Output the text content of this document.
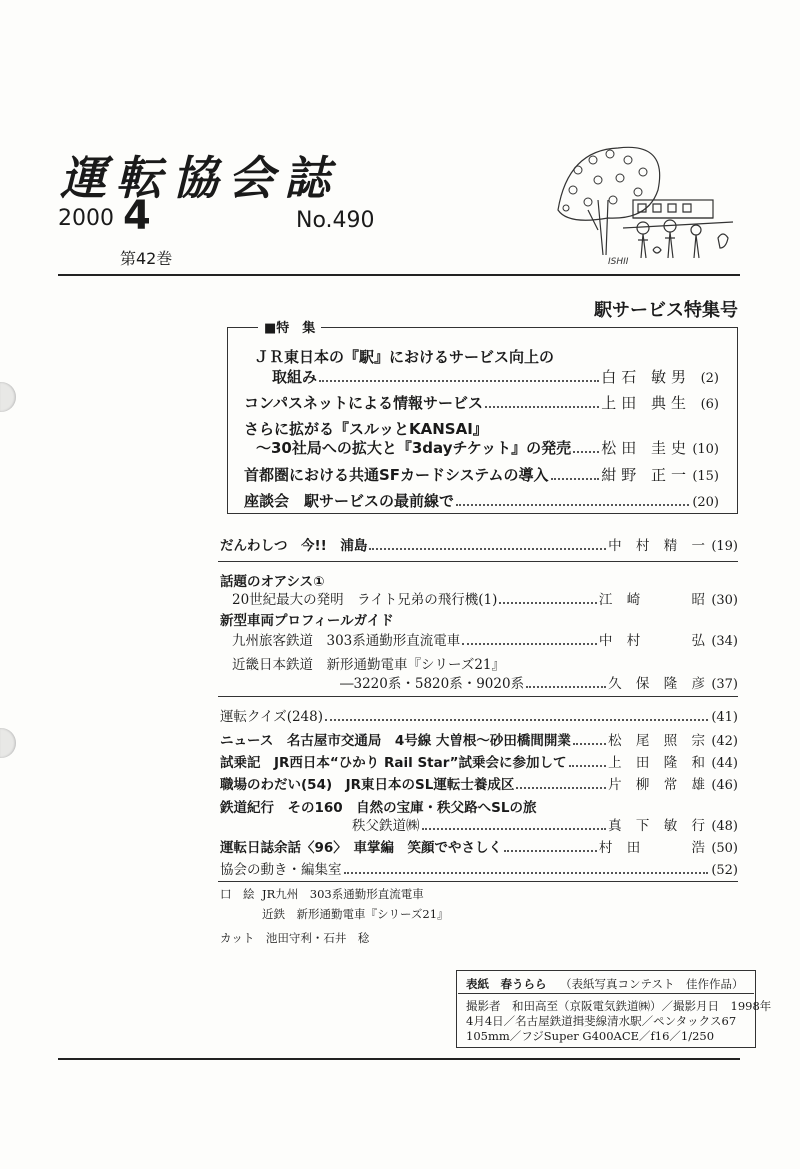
運転協会誌
2000 4	No.490
第42巻	ISHII
駅サービス特集号
■特　集
ＪＲ東日本の『駅』におけるサービス向上の
取組み	白石 敏男 (2)
コンパスネットによる情報サービス	上田 典生 (6)
さらに拡がる『スルッとKANSAI』
～30社局への拡大と『3dayチケット』の発売 松田 圭史 (10)
首都圏における共通SFカードシステムの導入	紺野 正一 (15)
座談会　駅サービスの最前線で	(20)
だんわしつ　今!!　浦島	中 村 精 一 (19)
話題のオアシス①
20世紀最大の発明　ライト兄弟の飛行機(1)	江 崎　　 昭 (30)
新型車両プロフィールガイド
九州旅客鉄道　303系通勤形直流電車	中 村　　 弘 (34)
近畿日本鉄道　新形通勤電車『シリーズ21』
―3220系・5820系・9020系	久 保 隆 彦 (37)
運転クイズ(248)	(41)
ニュース　名古屋市交通局　4号線 大曽根～砂田橋間開業	松 尾 照 宗 (42)
試乗記　JR西日本“ひかり Rail Star”試乗会に参加して	上 田 隆 和 (44)
職場のわだい(54)　JR東日本のSL運転士養成区	片 柳 常 雄 (46)
鉄道紀行　その160　自然の宝庫・秩父路へSLの旅
秩父鉄道㈱	真 下 敏 行 (48)
運転日誌余話〈96〉　車掌編　笑顔でやさしく	村 田　　 浩 (50)
協会の動き・編集室	(52)
口　絵 JR九州　303系通勤形直流電車
近鉄　新形通勤電車『シリーズ21』
カット　池田守利・石井　稔
表紙　春うらら （表紙写真コンテスト　佳作作品）
撮影者　和田高至（京阪電気鉄道㈱）／撮影月日　1998年
4月4日／名古屋鉄道揖斐線清水駅／ペンタックス67
105mm／フジSuper G400ACE／f16／1/250
